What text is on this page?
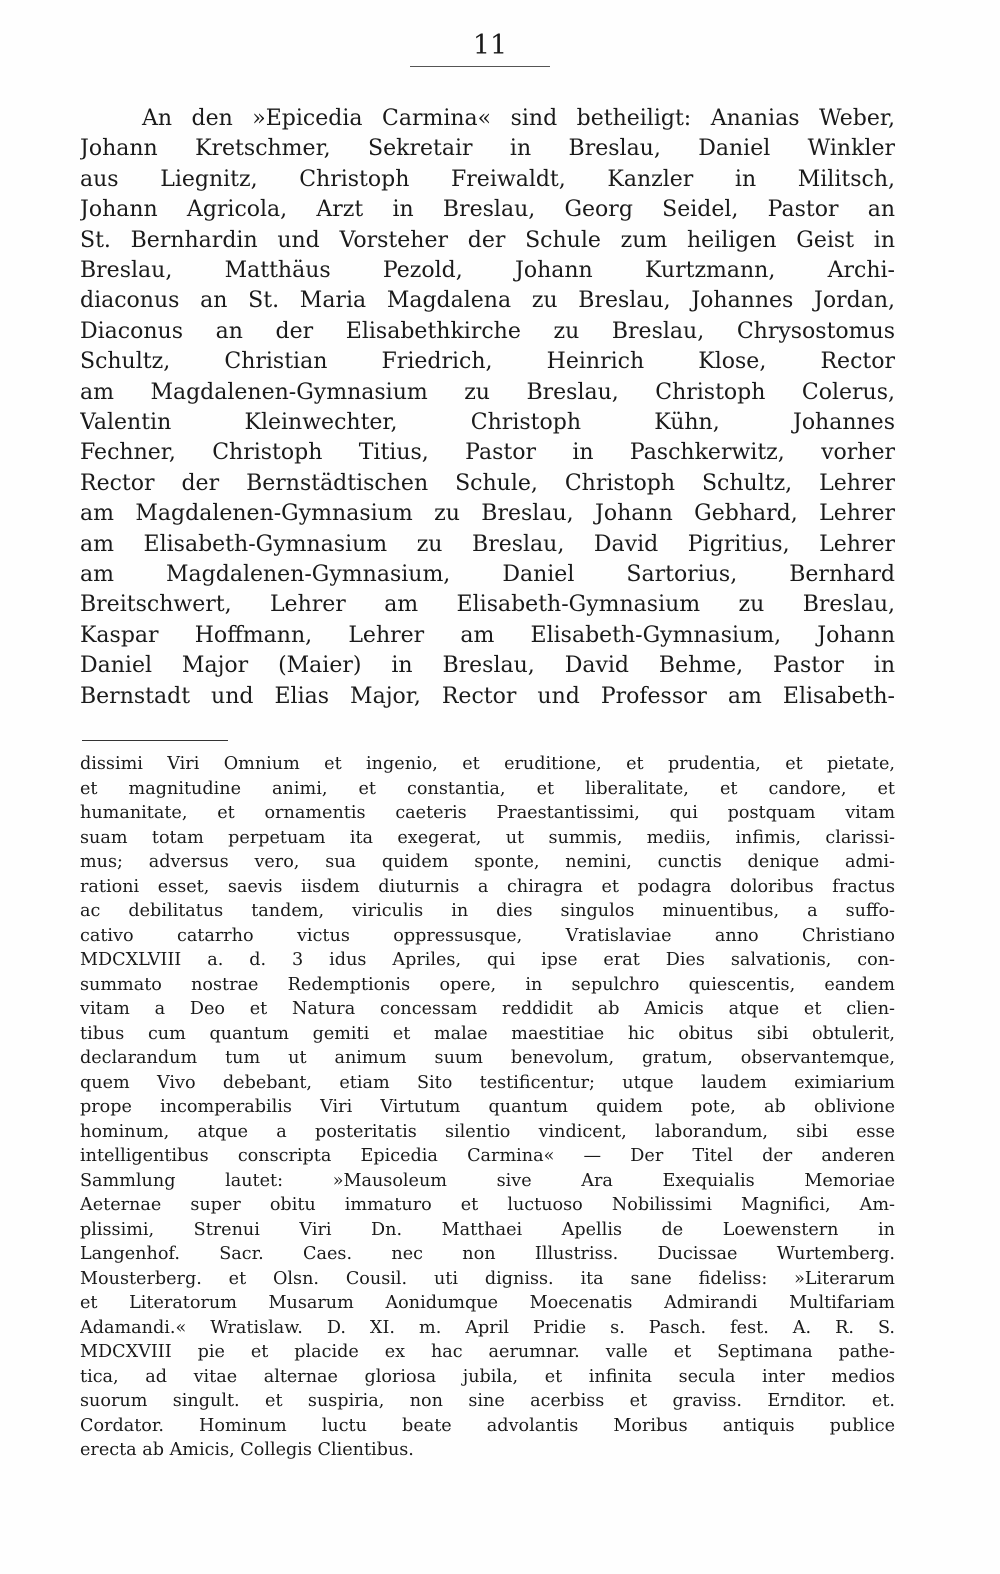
11
An den »Epicedia Carmina« sind betheiligt: Ananias Weber,
Johann Kretschmer, Sekretair in Breslau, Daniel Winkler
aus Liegnitz, Christoph Freiwaldt, Kanzler in Militsch,
Johann Agricola, Arzt in Breslau, Georg Seidel, Pastor an
St. Bernhardin und Vorsteher der Schule zum heiligen Geist in
Breslau, Matthäus Pezold, Johann Kurtzmann, Archi-
diaconus an St. Maria Magdalena zu Breslau, Johannes Jordan,
Diaconus an der Elisabethkirche zu Breslau, Chrysostomus
Schultz, Christian Friedrich, Heinrich Klose, Rector
am Magdalenen-Gymnasium zu Breslau, Christoph Colerus,
Valentin Kleinwechter, Christoph Kühn, Johannes
Fechner, Christoph Titius, Pastor in Paschkerwitz, vorher
Rector der Bernstädtischen Schule, Christoph Schultz, Lehrer
am Magdalenen-Gymnasium zu Breslau, Johann Gebhard, Lehrer
am Elisabeth-Gymnasium zu Breslau, David Pigritius, Lehrer
am Magdalenen-Gymnasium, Daniel Sartorius, Bernhard
Breitschwert, Lehrer am Elisabeth-Gymnasium zu Breslau,
Kaspar Hoffmann, Lehrer am Elisabeth-Gymnasium, Johann
Daniel Major (Maier) in Breslau, David Behme, Pastor in
Bernstadt und Elias Major, Rector und Professor am Elisabeth-
dissimi Viri Omnium et ingenio, et eruditione, et prudentia, et pietate,
et magnitudine animi, et constantia, et liberalitate, et candore, et
humanitate, et ornamentis caeteris Praestantissimi, qui postquam vitam
suam totam perpetuam ita exegerat, ut summis, mediis, infimis, clarissi-
mus; adversus vero, sua quidem sponte, nemini, cunctis denique admi-
rationi esset, saevis iisdem diuturnis a chiragra et podagra doloribus fractus
ac debilitatus tandem, viriculis in dies singulos minuentibus, a suffo-
cativo catarrho victus oppressusque, Vratislaviae anno Christiano
MDCXLVIII a. d. 3 idus Apriles, qui ipse erat Dies salvationis, con-
summato nostrae Redemptionis opere, in sepulchro quiescentis, eandem
vitam a Deo et Natura concessam reddidit ab Amicis atque et clien-
tibus cum quantum gemiti et malae maestitiae hic obitus sibi obtulerit,
declarandum tum ut animum suum benevolum, gratum, observantemque,
quem Vivo debebant, etiam Sito testificentur; utque laudem eximiarium
prope incomperabilis Viri Virtutum quantum quidem pote, ab oblivione
hominum, atque a posteritatis silentio vindicent, laborandum, sibi esse
intelligentibus conscripta Epicedia Carmina« — Der Titel der anderen
Sammlung lautet: »Mausoleum sive Ara Exequialis Memoriae
Aeternae super obitu immaturo et luctuoso Nobilissimi Magnifici, Am-
plissimi, Strenui Viri Dn. Matthaei Apellis de Loewenstern in
Langenhof. Sacr. Caes. nec non Illustriss. Ducissae Wurtemberg.
Mousterberg. et Olsn. Cousil. uti digniss. ita sane fideliss: »Literarum
et Literatorum Musarum Aonidumque Moecenatis Admirandi Multifariam
Adamandi.« Wratislaw. D. XI. m. April Pridie s. Pasch. fest. A. R. S.
MDCXVIII pie et placide ex hac aerumnar. valle et Septimana pathe-
tica, ad vitae alternae gloriosa jubila, et infinita secula inter medios
suorum singult. et suspiria, non sine acerbiss et graviss. Ernditor. et.
Cordator. Hominum luctu beate advolantis Moribus antiquis publice
erecta ab Amicis, Collegis Clientibus.
